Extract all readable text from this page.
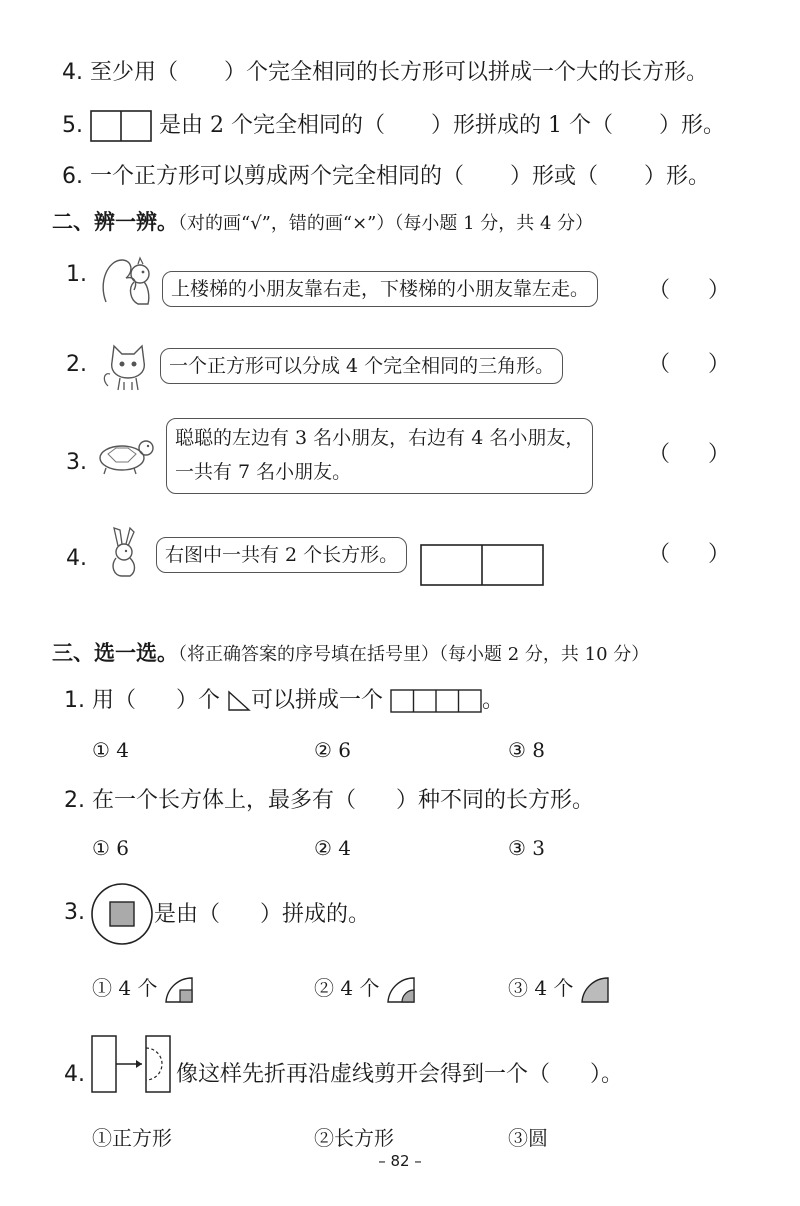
4. 至少用（ ）个完全相同的长方形可以拼成一个大的长方形。
5.	是由 2 个完全相同的（ ）形拼成的 1 个（ ）形。
6. 一个正方形可以剪成两个完全相同的（ ）形或（ ）形。
二、辨一辨。（对的画“√”，错的画“×”）（每小题 1 分，共 4 分）
1.
上楼梯的小朋友靠右走，下楼梯的小朋友靠左走。	（ ）
2.	一个正方形可以分成 4 个完全相同的三角形。	（ ）
3.
聪聪的左边有 3 名小朋友，右边有 4 名小朋友，
一共有 7 名小朋友。
（ ）
4.	右图中一共有 2 个长方形。	（ ）
三、选一选。（将正确答案的序号填在括号里）（每小题 2 分，共 10 分）
1. 用（ ）个 可以拼成一个	。
① 4	② 6	③ 8
2. 在一个长方体上，最多有（ ）种不同的长方形。
① 6	② 4	③ 3
3.	是由（ ）拼成的。
① 4 个	② 4 个	③ 4 个
4.	像这样先折再沿虚线剪开会得到一个（ ）。
①正方形	②长方形	③圆
– 82 –
